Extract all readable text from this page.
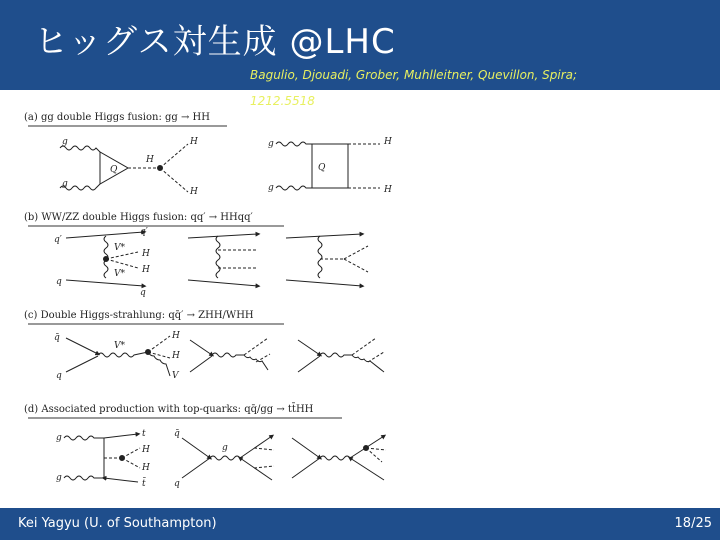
ヒッグス対生成 @LHC
Bagulio, Djouadi, Grober, Muhlleitner, Quevillon, Spira;
1212.5518
(a) gg double Higgs fusion: gg → HH
g
g
Q
H
H
H
g
g
Q
H
H
(b) WW/ZZ double Higgs fusion: qq′ → HHqq′
q′
q
q′
q
V*
V*
H
H
(c) Double Higgs-strahlung: qq̄′ → ZHH/WHH
q̄
q
V*
H
H
V
(d) Associated production with top-quarks: qq̄/gg → tt̄HH
g
g
t
H
H
t̄
q̄
q
g
Kei Yagyu (U. of Southampton)	18/25
